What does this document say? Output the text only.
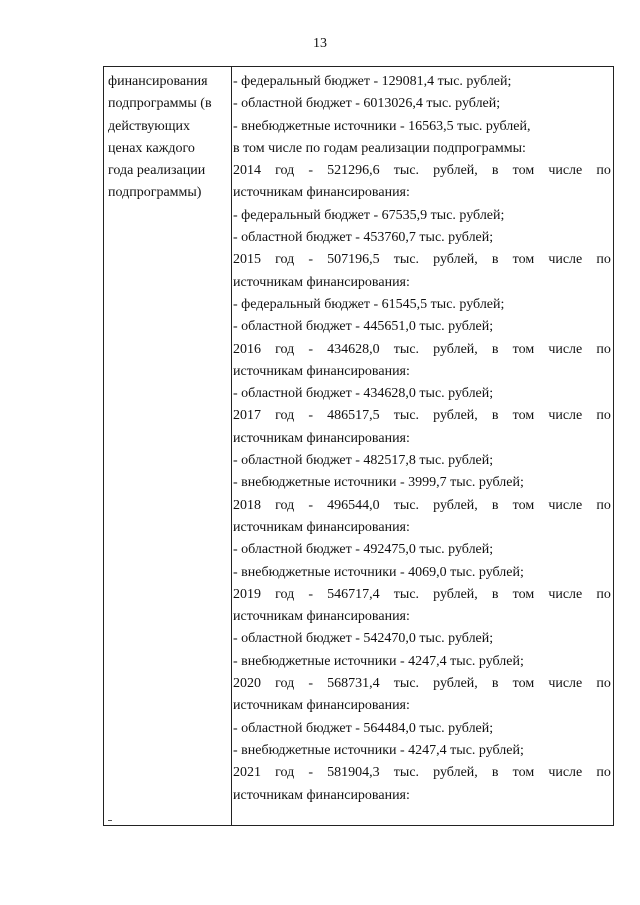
13
финансирования
подпрограммы (в
действующих
ценах каждого
года реализации
подпрограммы)
- федеральный бюджет - 129081,4 тыс. рублей;
- областной бюджет - 6013026,4 тыс. рублей;
- внебюджетные источники - 16563,5 тыс. рублей,
в том числе по годам реализации подпрограммы:
2014 год - 521296,6 тыс. рублей, в том числе по
источникам финансирования:
- федеральный бюджет - 67535,9 тыс. рублей;
- областной бюджет - 453760,7 тыс. рублей;
2015 год - 507196,5 тыс. рублей, в том числе по
источникам финансирования:
- федеральный бюджет - 61545,5 тыс. рублей;
- областной бюджет - 445651,0 тыс. рублей;
2016 год - 434628,0 тыс. рублей, в том числе по
источникам финансирования:
- областной бюджет - 434628,0 тыс. рублей;
2017 год - 486517,5 тыс. рублей, в том числе по
источникам финансирования:
- областной бюджет - 482517,8 тыс. рублей;
- внебюджетные источники - 3999,7 тыс. рублей;
2018 год - 496544,0 тыс. рублей, в том числе по
источникам финансирования:
- областной бюджет - 492475,0 тыс. рублей;
- внебюджетные источники - 4069,0 тыс. рублей;
2019 год - 546717,4 тыс. рублей, в том числе по
источникам финансирования:
- областной бюджет - 542470,0 тыс. рублей;
- внебюджетные источники - 4247,4 тыс. рублей;
2020 год - 568731,4 тыс. рублей, в том числе по
источникам финансирования:
- областной бюджет - 564484,0 тыс. рублей;
- внебюджетные источники - 4247,4 тыс. рублей;
2021 год - 581904,3 тыс. рублей, в том числе по
источникам финансирования:
